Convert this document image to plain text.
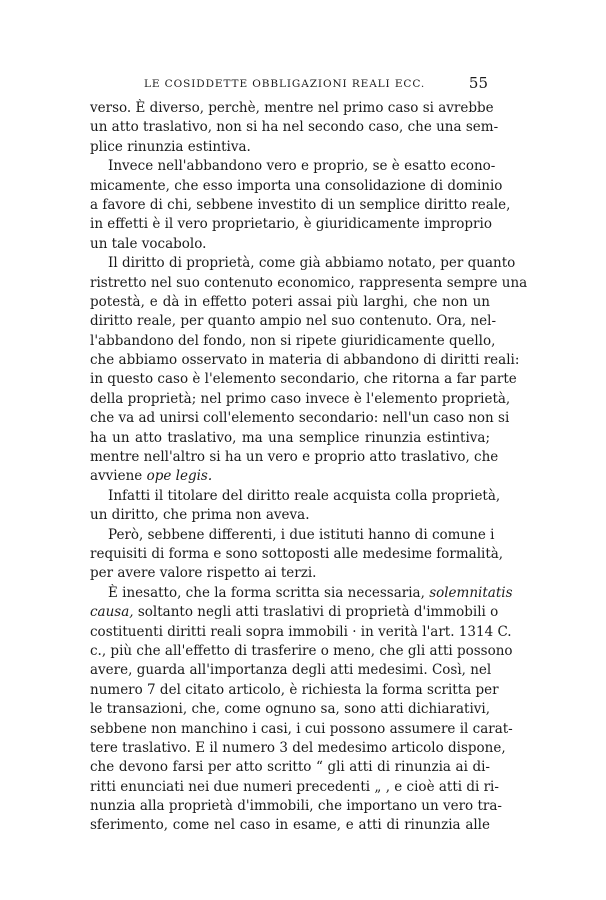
LE COSIDDETTE OBBLIGAZIONI REALI ECC.	55
verso. È diverso, perchè, mentre nel primo caso si avrebbe
un atto traslativo, non si ha nel secondo caso, che una sem-
plice rinunzia estintiva.
Invece nell'abbandono vero e proprio, se è esatto econo-
micamente, che esso importa una consolidazione di dominio
a favore di chi, sebbene investito di un semplice diritto reale,
in effetti è il vero proprietario, è giuridicamente improprio
un tale vocabolo.
Il diritto di proprietà, come già abbiamo notato, per quanto
ristretto nel suo contenuto economico, rappresenta sempre una
potestà, e dà in effetto poteri assai più larghi, che non un
diritto reale, per quanto ampio nel suo contenuto. Ora, nel-
l'abbandono del fondo, non si ripete giuridicamente quello,
che abbiamo osservato in materia di abbandono di diritti reali:
in questo caso è l'elemento secondario, che ritorna a far parte
della proprietà; nel primo caso invece è l'elemento proprietà,
che va ad unirsi coll'elemento secondario: nell'un caso non si
ha un atto traslativo, ma una semplice rinunzia estintiva;
mentre nell'altro si ha un vero e proprio atto traslativo, che
avviene ope legis.
Infatti il titolare del diritto reale acquista colla proprietà,
un diritto, che prima non aveva.
Però, sebbene differenti, i due istituti hanno di comune i
requisiti di forma e sono sottoposti alle medesime formalità,
per avere valore rispetto ai terzi.
È inesatto, che la forma scritta sia necessaria, solemnitatis
causa, soltanto negli atti traslativi di proprietà d'immobili o
costituenti diritti reali sopra immobili · in verità l'art. 1314 C.
c., più che all'effetto di trasferire o meno, che gli atti possono
avere, guarda all'importanza degli atti medesimi. Così, nel
numero 7 del citato articolo, è richiesta la forma scritta per
le transazioni, che, come ognuno sa, sono atti dichiarativi,
sebbene non manchino i casi, i cui possono assumere il carat-
tere traslativo. E il numero 3 del medesimo articolo dispone,
che devono farsi per atto scritto “ gli atti di rinunzia ai di-
ritti enunciati nei due numeri precedenti „ , e cioè atti di ri-
nunzia alla proprietà d'immobili, che importano un vero tra-
sferimento, come nel caso in esame, e atti di rinunzia alle
